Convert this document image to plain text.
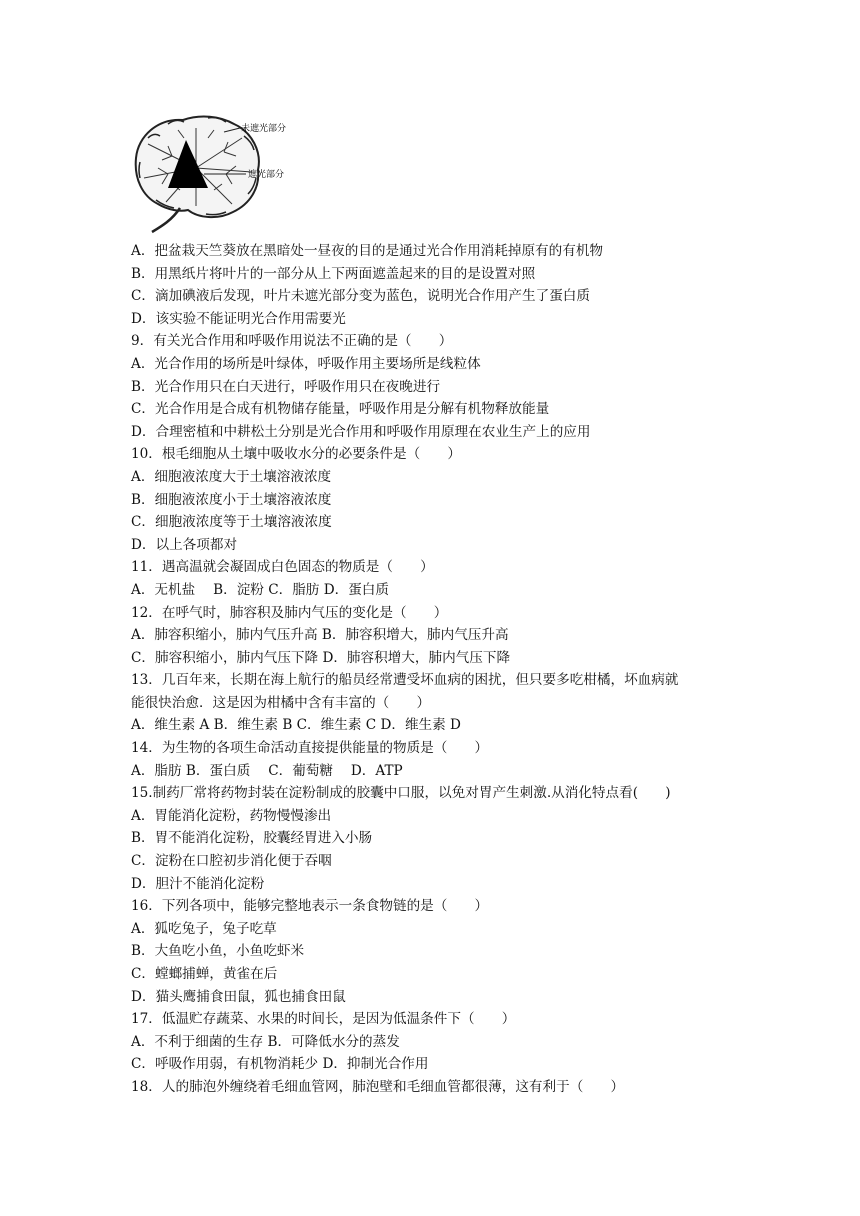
未遮光部分
遮光部分
A．把盆栽天竺葵放在黑暗处一昼夜的目的是通过光合作用消耗掉原有的有机物
B．用黑纸片将叶片的一部分从上下两面遮盖起来的目的是设置对照
C．滴加碘液后发现，叶片未遮光部分变为蓝色，说明光合作用产生了蛋白质
D．该实验不能证明光合作用需要光
9．有关光合作用和呼吸作用说法不正确的是（　　）
A．光合作用的场所是叶绿体，呼吸作用主要场所是线粒体
B．光合作用只在白天进行，呼吸作用只在夜晚进行
C．光合作用是合成有机物储存能量，呼吸作用是分解有机物释放能量
D．合理密植和中耕松土分别是光合作用和呼吸作用原理在农业生产上的应用
10．根毛细胞从土壤中吸收水分的必要条件是（　　）
A．细胞液浓度大于土壤溶液浓度
B．细胞液浓度小于土壤溶液浓度
C．细胞液浓度等于土壤溶液浓度
D．以上各项都对
11．遇高温就会凝固成白色固态的物质是（　　）
A．无机盐　 B．淀粉 C．脂肪 D．蛋白质
12．在呼气时，肺容积及肺内气压的变化是（　　）
A．肺容积缩小，肺内气压升高 B．肺容积增大，肺内气压升高
C．肺容积缩小，肺内气压下降 D．肺容积增大，肺内气压下降
13．几百年来，长期在海上航行的船员经常遭受坏血病的困扰，但只要多吃柑橘，坏血病就
能很快治愈．这是因为柑橘中含有丰富的（　　）
A．维生素 A B．维生素 B C．维生素 C D．维生素 D
14．为生物的各项生命活动直接提供能量的物质是（　　）
A．脂肪 B．蛋白质　 C．葡萄糖　 D．ATP
15.制药厂常将药物封装在淀粉制成的胶囊中口服，以免对胃产生刺激.从消化特点看(　　)
A．胃能消化淀粉，药物慢慢渗出
B．胃不能消化淀粉，胶囊经胃进入小肠
C．淀粉在口腔初步消化便于吞咽
D．胆汁不能消化淀粉
16．下列各项中，能够完整地表示一条食物链的是（　　）
A．狐吃兔子，兔子吃草
B．大鱼吃小鱼，小鱼吃虾米
C．螳螂捕蝉，黄雀在后
D．猫头鹰捕食田鼠，狐也捕食田鼠
17．低温贮存蔬菜、水果的时间长，是因为低温条件下（　　）
A．不利于细菌的生存 B．可降低水分的蒸发
C．呼吸作用弱，有机物消耗少 D．抑制光合作用
18．人的肺泡外缠绕着毛细血管网，肺泡壁和毛细血管都很薄，这有利于（　　）
